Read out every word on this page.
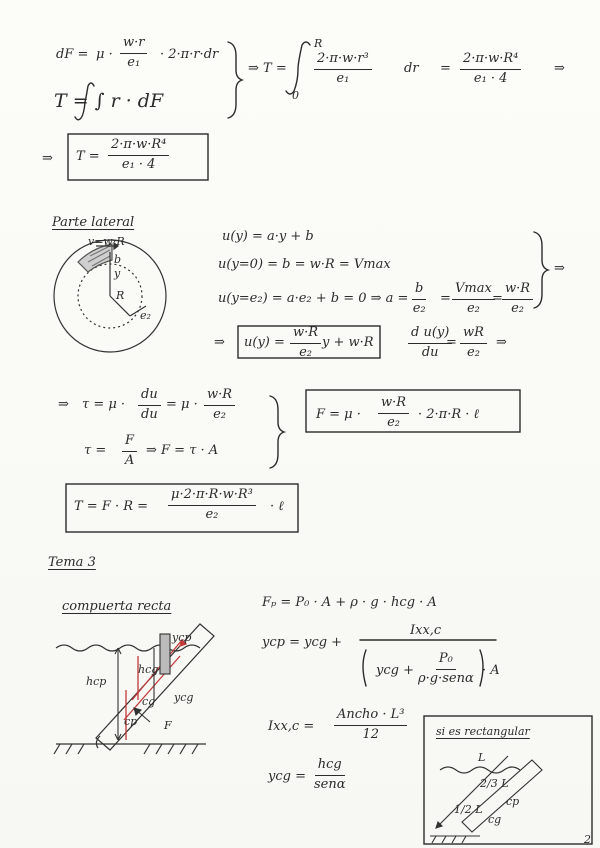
dF = $\mu \cdot \frac{w\cdot r}{\text{e₁}} \cdot 2\cdot\pi\cdot r\cdot dr$
T = ∫ r · dF
⇒ T =
R
0
$\frac{\text{2·π·w·r³}}{\text{e₁}}$ dr = $\frac{\text{2·π·w·R⁴}}{\text{e₁ · 4}}$	⇒
⇒ $T = \frac{\text{2·π·w·R⁴}}{\text{e₁ · 4}}$
Parte lateral
v=w·R
b
y
R
e₂
u(y) = a·y + b
u(y=0) = b = w·R = Vmax
u(y=e₂) = a·e₂ + b = 0 ⇒ $a = \frac{b}{\text{e₂}}$ =
Vmax
e₂
= $\frac{w\cdot R}{\text{e₂}}$
⇒
⇒ $u(y) = \frac{w\cdot R}{\text{e₂}}$ y + w·R	$\frac{\text{d u(y)}}{du}$
= $\frac{wR}{\text{e₂}}$ ⇒
⇒ $\tau = \mu \cdot \frac{du}{du} = \mu \cdot \frac{w\cdot R}{\text{e₂}}$
$\tau = \frac{F}{A}$ ⇒ F = τ · A
$F = \mu \cdot \frac{w\cdot R}{\text{e₂}} \cdot 2\cdot\pi\cdot R$ · ℓ
$T = F \cdot R = \frac{\text{μ·2·π·R·w·R³}}{\text{e₂}}$ · ℓ
Tema 3
compuerta recta
hcp
hcg
ycp
ycg
cp
cg
F
Fₚ = P₀ · A + ρ · g · hcg · A
ycp = ycg +
Ixx,c
ycg +
P₀
ρ·g·senα
· A
Ixx,c =
Ancho · L³
12
ycg =
hcg
senα
si es rectangular
L
2/3 L
1/2 L
cp
cg
2
